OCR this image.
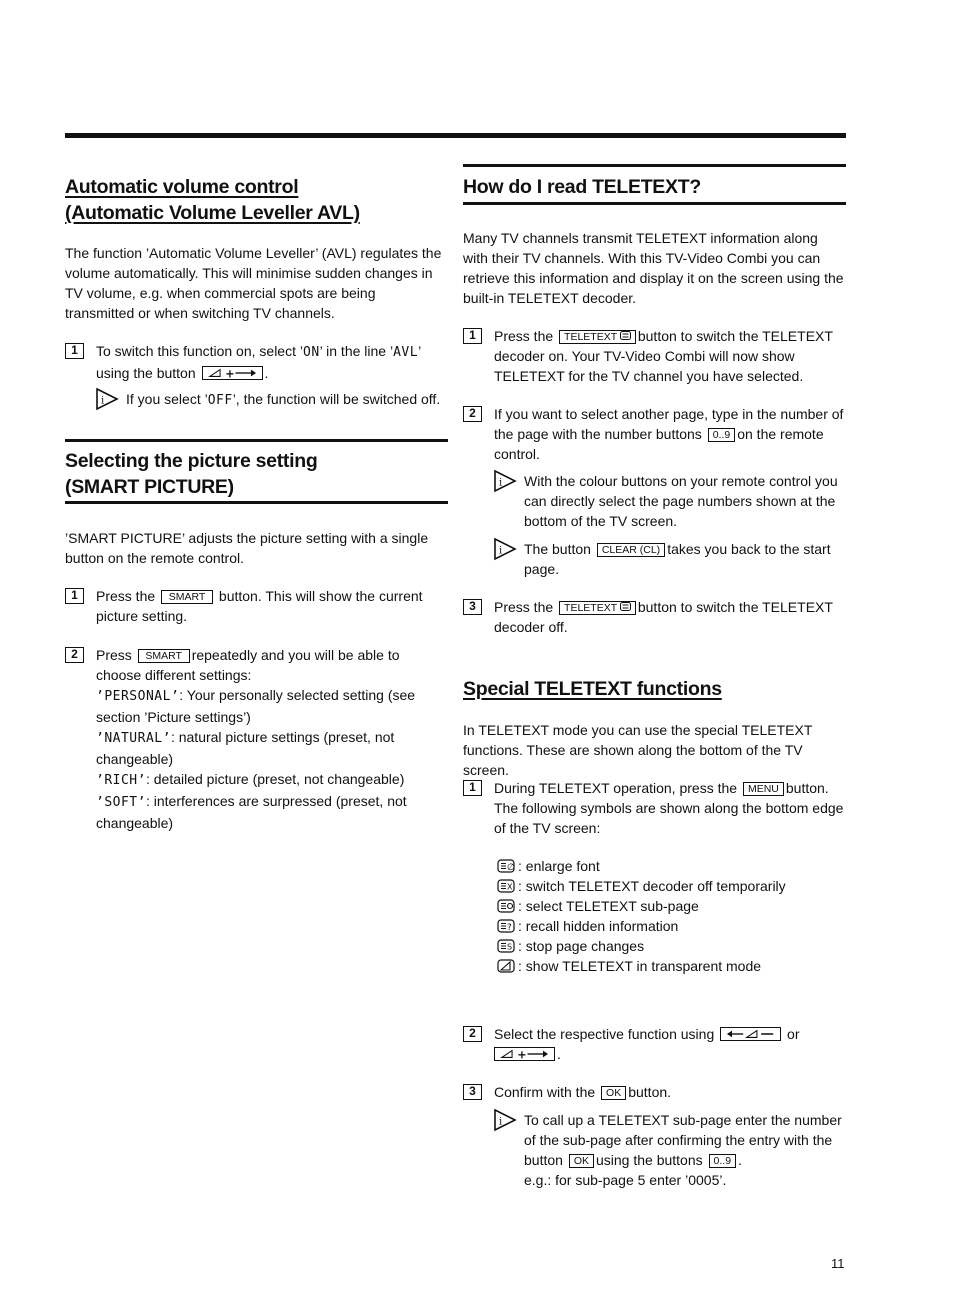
Automatic volume control
(Automatic Volume Leveller AVL)

The function ’Automatic Volume Leveller’ (AVL) regulates the volume automatically. This will minimise sudden changes in TV volume, e.g. when commercial spots are being transmitted or when switching TV channels.

1	To switch this function on, select ’ON’ in the line ’AVL’
using the button	.
If you select ’OFF’, the function will be switched off.
Selecting the picture setting
(SMART PICTURE)

’SMART PICTURE’ adjusts the picture setting with a single button on the remote control.

1	Press the SMART button. This will show the current picture setting.
2	Press SMART repeatedly and you will be able to choose different settings:
’PERSONAL’: Your personally selected setting (see section ’Picture settings’)
’NATURAL’: natural picture settings (preset, not changeable)
’RICH’: detailed picture (preset, not changeable)
’SOFT’: interferences are surpressed (preset, not changeable)
How do I read TELETEXT?

Many TV channels transmit TELETEXT information along with their TV channels. With this TV-Video Combi you can retrieve this information and display it on the screen using the built-in TELETEXT decoder.

1	Press the TELETEXT button to switch the TELETEXT decoder on. Your TV-Video Combi will now show TELETEXT for the TV channel you have selected.
2	If you want to select another page, type in the number of the page with the number buttons 0..9 on the remote control.
With the colour buttons on your remote control you can directly select the page numbers shown at the bottom of the TV screen.
The button CLEAR (CL) takes you back to the start page.
3	Press the TELETEXT button to switch the TELETEXT decoder off.
Special TELETEXT functions

In TELETEXT mode you can use the special TELETEXT functions. These are shown along the bottom of the TV screen.

1	During TELETEXT operation, press the MENU button.
The following symbols are shown along the bottom edge of the TV screen:
∅ : enlarge font
X : switch TELETEXT decoder off temporarily
: select TELETEXT sub-page
? : recall hidden information
S : stop page changes
: show TELETEXT in transparent mode
2	Select the respective function using	or
.
3	Confirm with the OK button.
To call up a TELETEXT sub-page enter the number of the sub-page after confirming the entry with the button OK using the buttons 0..9 .
e.g.: for sub-page 5 enter ’0005’.
11
